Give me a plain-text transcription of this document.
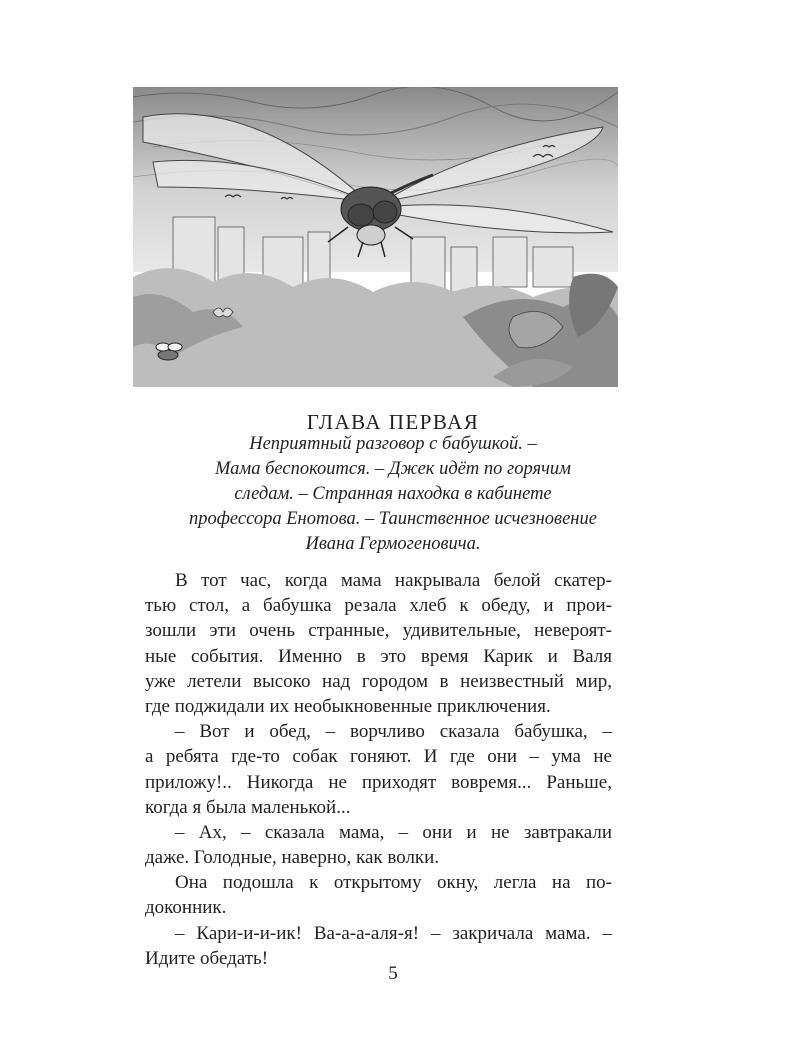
ГЛАВА ПЕРВАЯ
Неприятный разговор с бабушкой. –
Мама беспокоится. – Джек идёт по горячим
следам. – Странная находка в кабинете
профессора Енотова. – Таинственное исчезновение
Ивана Гермогеновича.
В тот час, когда мама накрывала белой скатер-
тью стол, а бабушка резала хлеб к обеду, и прои-
зошли эти очень странные, удивительные, невероят-
ные события. Именно в это время Карик и Валя
уже летели высоко над городом в неизвестный мир,
где поджидали их необыкновенные приключения.
– Вот и обед, – ворчливо сказала бабушка, –
а ребята где-то собак гоняют. И где они – ума не
приложу!.. Никогда не приходят вовремя... Раньше,
когда я была маленькой...
– Ах, – сказала мама, – они и не завтракали
даже. Голодные, наверно, как волки.
Она подошла к открытому окну, легла на по-
доконник.
– Кари-и-и-ик! Ва-а-а-аля-я! – закричала мама. –
Идите обедать!
5
